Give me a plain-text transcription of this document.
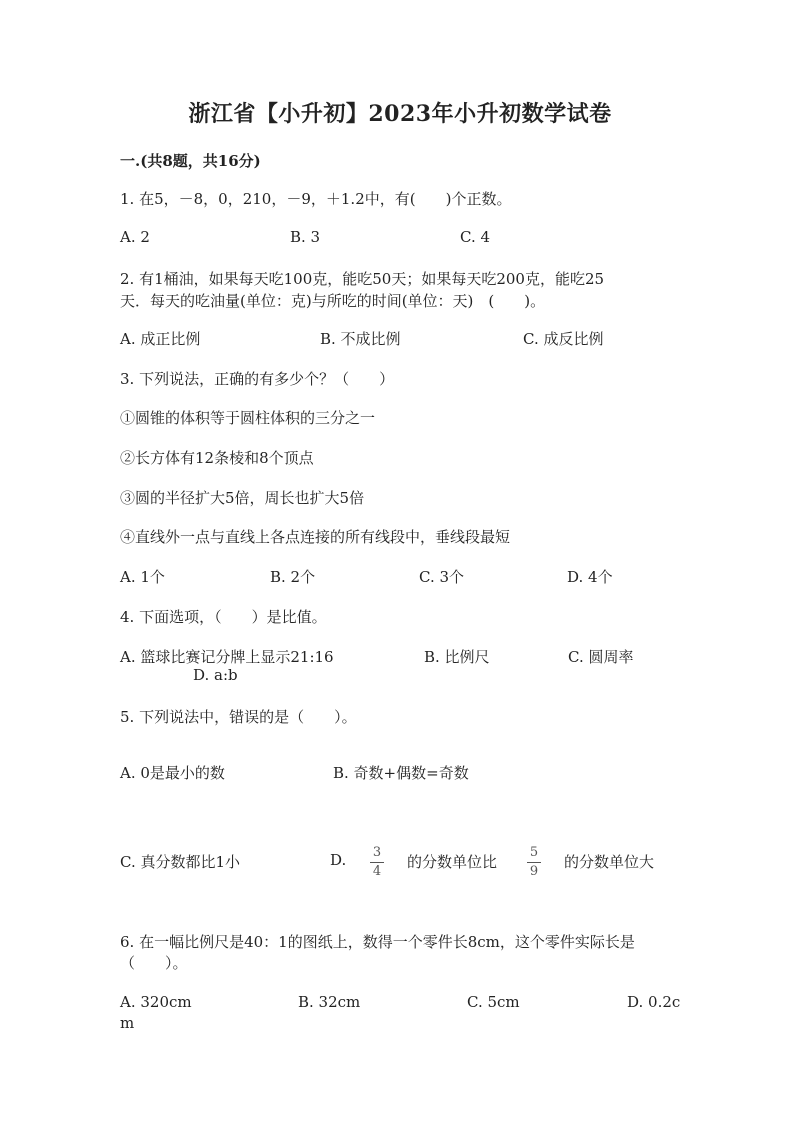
浙江省【小升初】2023年小升初数学试卷
一.(共8题，共16分)
1. 在5，－8，0，210，－9，＋1.2中，有(　　)个正数。
A. 2	B. 3	C. 4
2. 有1桶油，如果每天吃100克，能吃50天；如果每天吃200克，能吃25
天．每天的吃油量(单位：克)与所吃的时间(单位：天)　(　　)。
A. 成正比例	B. 不成比例	C. 成反比例
3. 下列说法，正确的有多少个？（　　）
①圆锥的体积等于圆柱体积的三分之一
②长方体有12条棱和8个顶点
③圆的半径扩大5倍，周长也扩大5倍
④直线外一点与直线上各点连接的所有线段中，垂线段最短
A. 1个	B. 2个	C. 3个	D. 4个
4. 下面选项，（　　）是比值。
A. 篮球比赛记分牌上显示21:16	B. 比例尺	C. 圆周率
D. a:b
5. 下列说法中，错误的是（　　）。
A. 0是最小的数	B. 奇数+偶数=奇数
C. 真分数都比1小	D. 3
4
的分数单位比
5
9
的分数单位大
6. 在一幅比例尺是40：1的图纸上，数得一个零件长8cm，这个零件实际长是
（　　）。
A. 320cm	B. 32cm	C. 5cm	D. 0.2c
m
